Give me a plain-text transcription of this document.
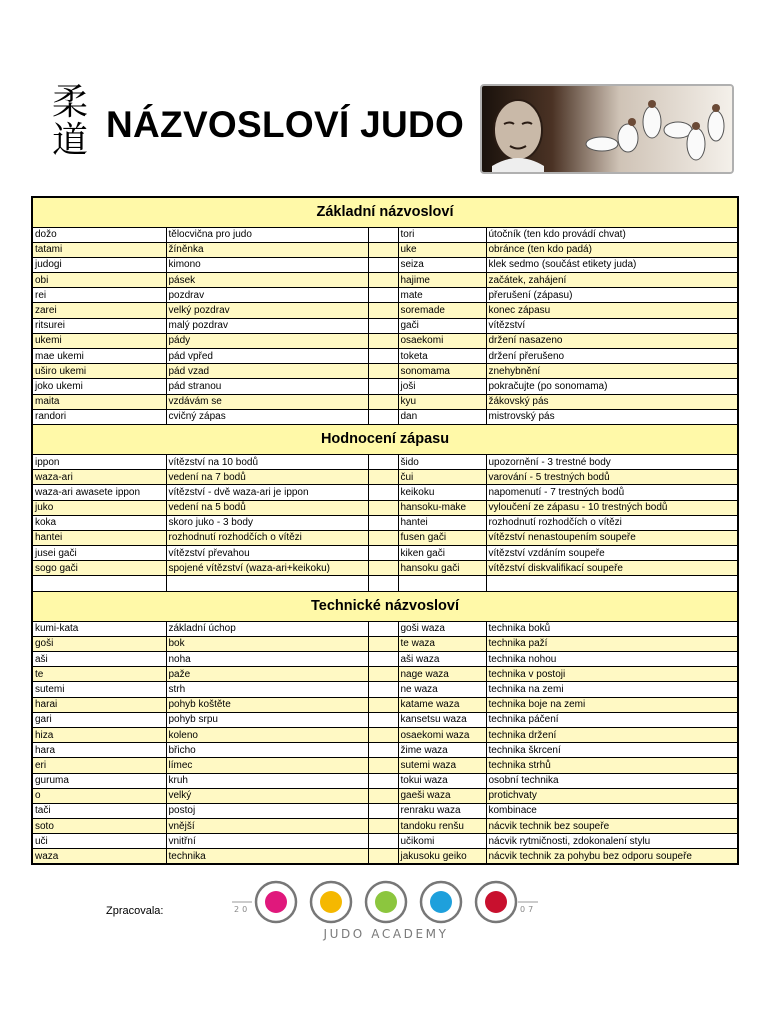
柔道 NÁZVOSLOVÍ JUDO
Základní názvosloví				
dožo	tělocvična pro judo		tori	útočník (ten kdo provádí chvat)
tatami	žíněnka		uke	obránce (ten kdo padá)
judogi	kimono		seiza	klek sedmo (součást etikety juda)
obi	pásek		hajime	začátek, zahájení
rei	pozdrav		mate	přerušení (zápasu)
zarei	velký pozdrav		soremade	konec zápasu
ritsurei	malý pozdrav		gači	vítězství
ukemi	pády		osaekomi	držení nasazeno
mae ukemi	pád vpřed		toketa	držení přerušeno
uširo ukemi	pád vzad		sonomama	znehybnění
joko ukemi	pád stranou		joši	pokračujte (po sonomama)
maita	vzdávám se		kyu	žákovský pás
randori	cvičný zápas		dan	mistrovský pás
Hodnocení zápasu				
ippon	vítězství na 10 bodů		šido	upozornění - 3 trestné body
waza-ari	vedení na 7 bodů		čui	varování - 5 trestných bodů
waza-ari awasete ippon	vítězství - dvě waza-ari je ippon		keikoku	napomenutí - 7 trestných bodů
juko	vedení na 5 bodů		hansoku-make	vyloučení ze zápasu - 10 trestných bodů
koka	skoro juko - 3 body		hantei	rozhodnutí rozhodčích o vítězi
hantei	rozhodnutí rozhodčích o vítězi		fusen gači	vítězství nenastoupením soupeře
jusei gači	vítězství převahou		kiken gači	vítězství vzdáním soupeře
sogo gači	spojené vítězství (waza-ari+keikoku)		hansoku gači	vítězství diskvalifikací soupeře

Technické názvosloví				
kumi-kata	základní úchop		goši waza	technika boků
goši	bok		te waza	technika paží
aši	noha		aši waza	technika nohou
te	paže		nage waza	technika v postoji
sutemi	strh		ne waza	technika na zemi
harai	pohyb koštěte		katame waza	technika boje na zemi
gari	pohyb srpu		kansetsu waza	technika páčení
hiza	koleno		osaekomi waza	technika držení
hara	břicho		žime waza	technika škrcení
eri	límec		sutemi waza	technika strhů
guruma	kruh		tokui waza	osobní technika
o	velký		gaeši waza	protichvaty
tači	postoj		renraku waza	kombinace
soto	vnější		tandoku renšu	nácvik technik bez soupeře
uči	vnitřní		učikomi	nácvik rytmičnosti, zdokonalení stylu
waza	technika		jakusoku geiko	nácvik technik za pohybu bez odporu soupeře
Zpracovala:	20	07
JUDO ACADEMY
